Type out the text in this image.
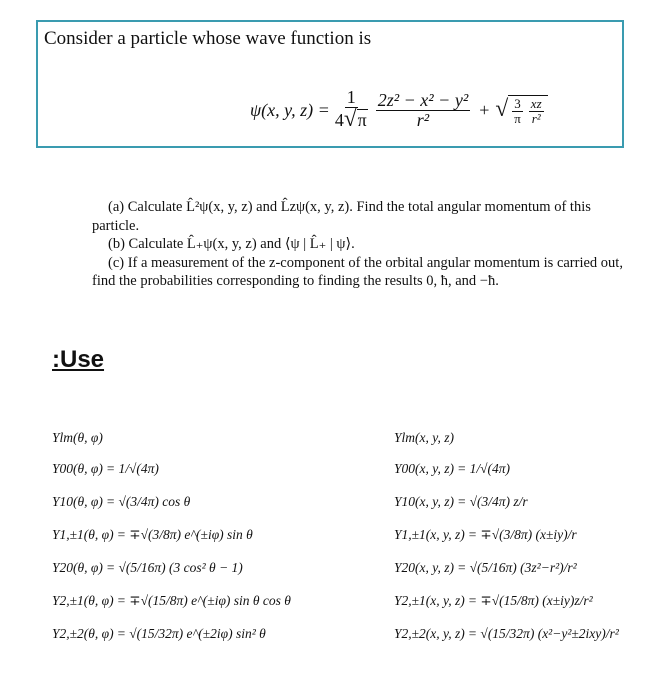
Consider a particle whose wave function is
ψ(x, y, $z) = \frac{1}{4 √ \pi} \frac{\text{2z² − x² − y²}}{\text{r²}}$ + √ $\frac{3}{\pi} \frac{xz}{\text{r²}}$
(a) Calculate L̂²ψ(x, y, z) and L̂zψ(x, y, z). Find the total angular momentum of this
particle.
(b) Calculate L̂₊ψ(x, y, z) and ⟨ψ | L̂₊ | ψ⟩.
(c) If a measurement of the z-component of the orbital angular momentum is carried out,
find the probabilities corresponding to finding the results 0, ħ, and −ħ.
:Use
Ylm(θ, φ)
Y00(θ, φ) = 1/√(4π)
Y10(θ, φ) = √(3/4π) cos θ
Y1,±1(θ, φ) = ∓√(3/8π) e^(±iφ) sin θ
Y20(θ, φ) = √(5/16π) (3 cos² θ − 1)
Y2,±1(θ, φ) = ∓√(15/8π) e^(±iφ) sin θ cos θ
Y2,±2(θ, φ) = √(15/32π) e^(±2iφ) sin² θ
Ylm(x, y, z)
Y00(x, y, z) = 1/√(4π)
Y10(x, y, z) = √(3/4π) z/r
Y1,±1(x, y, z) = ∓√(3/8π) (x±iy)/r
Y20(x, y, z) = √(5/16π) (3z²−r²)/r²
Y2,±1(x, y, z) = ∓√(15/8π) (x±iy)z/r²
Y2,±2(x, y, z) = √(15/32π) (x²−y²±2ixy)/r²
